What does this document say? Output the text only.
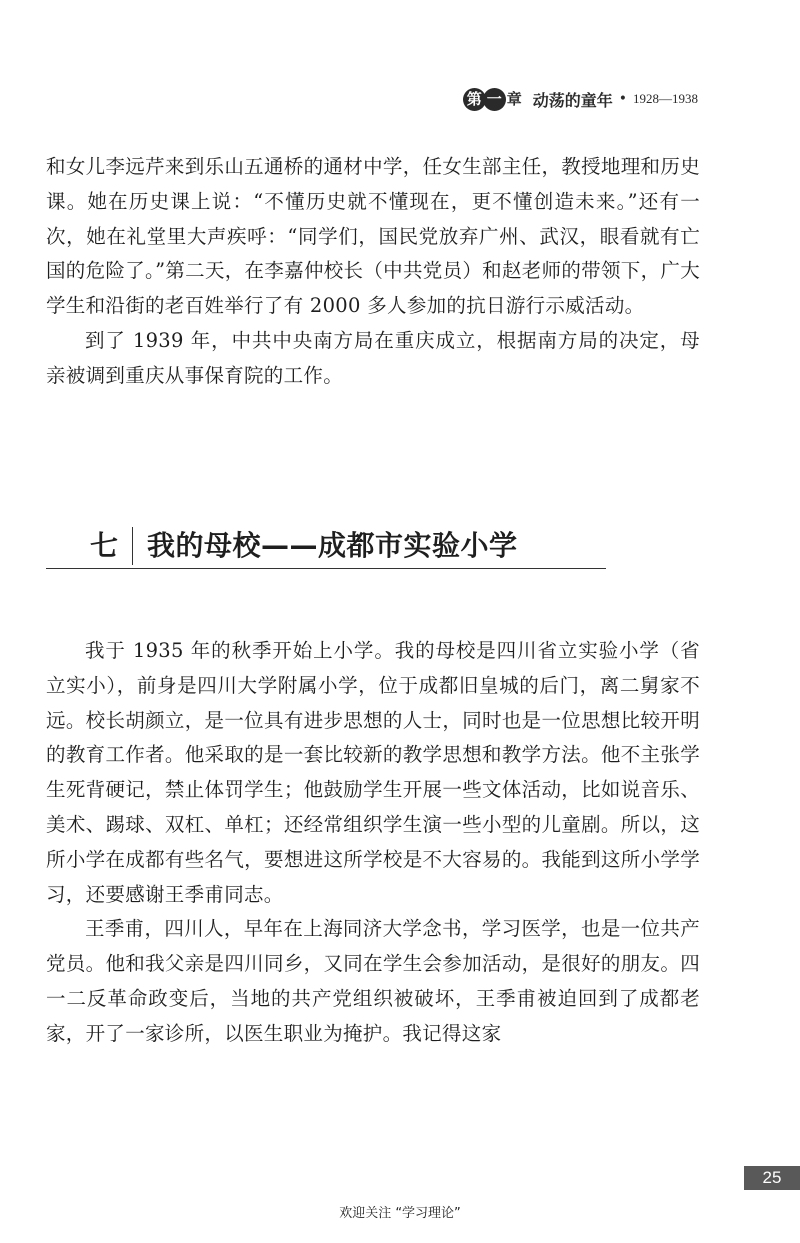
第 一 章 动荡的童年 • 1928—1938

和女儿李远芹来到乐山五通桥的通材中学，任女生部主任，教授地理和历史课。她在历史课上说：“不懂历史就不懂现在，更不懂创造未来。”还有一次，她在礼堂里大声疾呼：“同学们，国民党放弃广州、武汉，眼看就有亡国的危险了。”第二天，在李嘉仲校长（中共党员）和赵老师的带领下，广大学生和沿街的老百姓举行了有 2000 多人参加的抗日游行示威活动。

到了 1939 年，中共中央南方局在重庆成立，根据南方局的决定，母亲被调到重庆从事保育院的工作。

七 我的母校——成都市实验小学

我于 1935 年的秋季开始上小学。我的母校是四川省立实验小学（省立实小），前身是四川大学附属小学，位于成都旧皇城的后门，离二舅家不远。校长胡颜立，是一位具有进步思想的人士，同时也是一位思想比较开明的教育工作者。他采取的是一套比较新的教学思想和教学方法。他不主张学生死背硬记，禁止体罚学生；他鼓励学生开展一些文体活动，比如说音乐、美术、踢球、双杠、单杠；还经常组织学生演一些小型的儿童剧。所以，这所小学在成都有些名气，要想进这所学校是不大容易的。我能到这所小学学习，还要感谢王季甫同志。

王季甫，四川人，早年在上海同济大学念书，学习医学，也是一位共产党员。他和我父亲是四川同乡，又同在学生会参加活动，是很好的朋友。四一二反革命政变后，当地的共产党组织被破坏，王季甫被迫回到了成都老家，开了一家诊所，以医生职业为掩护。我记得这家

25
欢迎关注 “学习理论”
